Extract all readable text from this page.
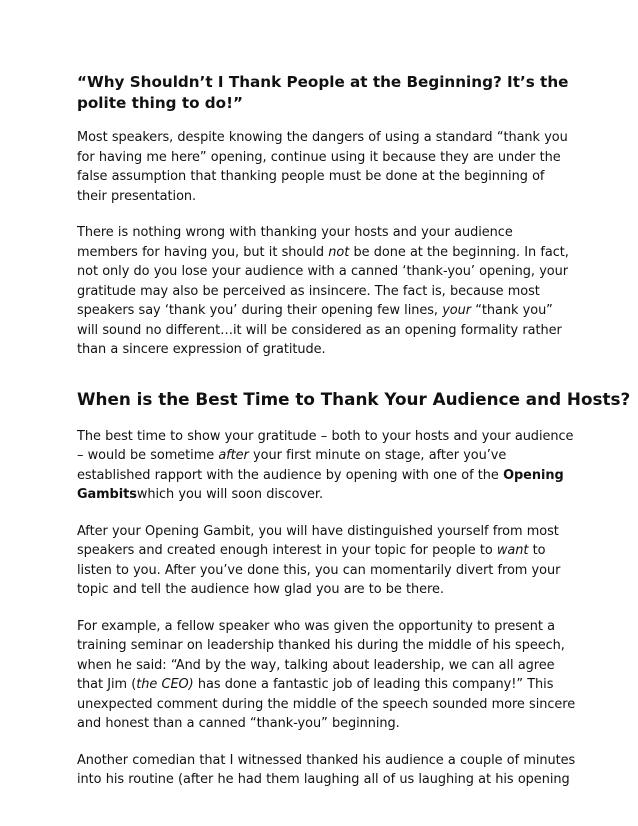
“Why Shouldn’t I Thank People at the Beginning? It’s the
polite thing to do!”
Most speakers, despite knowing the dangers of using a standard “thank you
for having me here” opening, continue using it because they are under the
false assumption that thanking people must be done at the beginning of
their presentation.
There is nothing wrong with thanking your hosts and your audience
members for having you, but it should not be done at the beginning. In fact,
not only do you lose your audience with a canned ‘thank-you’ opening, your
gratitude may also be perceived as insincere. The fact is, because most
speakers say ‘thank you’ during their opening few lines, your “thank you”
will sound no different…it will be considered as an opening formality rather
than a sincere expression of gratitude.
When is the Best Time to Thank Your Audience and Hosts?
The best time to show your gratitude – both to your hosts and your audience
– would be sometime after your first minute on stage, after you’ve
established rapport with the audience by opening with one of the Opening
Gambitswhich you will soon discover.
After your Opening Gambit, you will have distinguished yourself from most
speakers and created enough interest in your topic for people to want to
listen to you. After you’ve done this, you can momentarily divert from your
topic and tell the audience how glad you are to be there.
For example, a fellow speaker who was given the opportunity to present a
training seminar on leadership thanked his during the middle of his speech,
when he said: “And by the way, talking about leadership, we can all agree
that Jim (the CEO) has done a fantastic job of leading this company!” This
unexpected comment during the middle of the speech sounded more sincere
and honest than a canned “thank-you” beginning.
Another comedian that I witnessed thanked his audience a couple of minutes
into his routine (after he had them laughing all of us laughing at his opening
